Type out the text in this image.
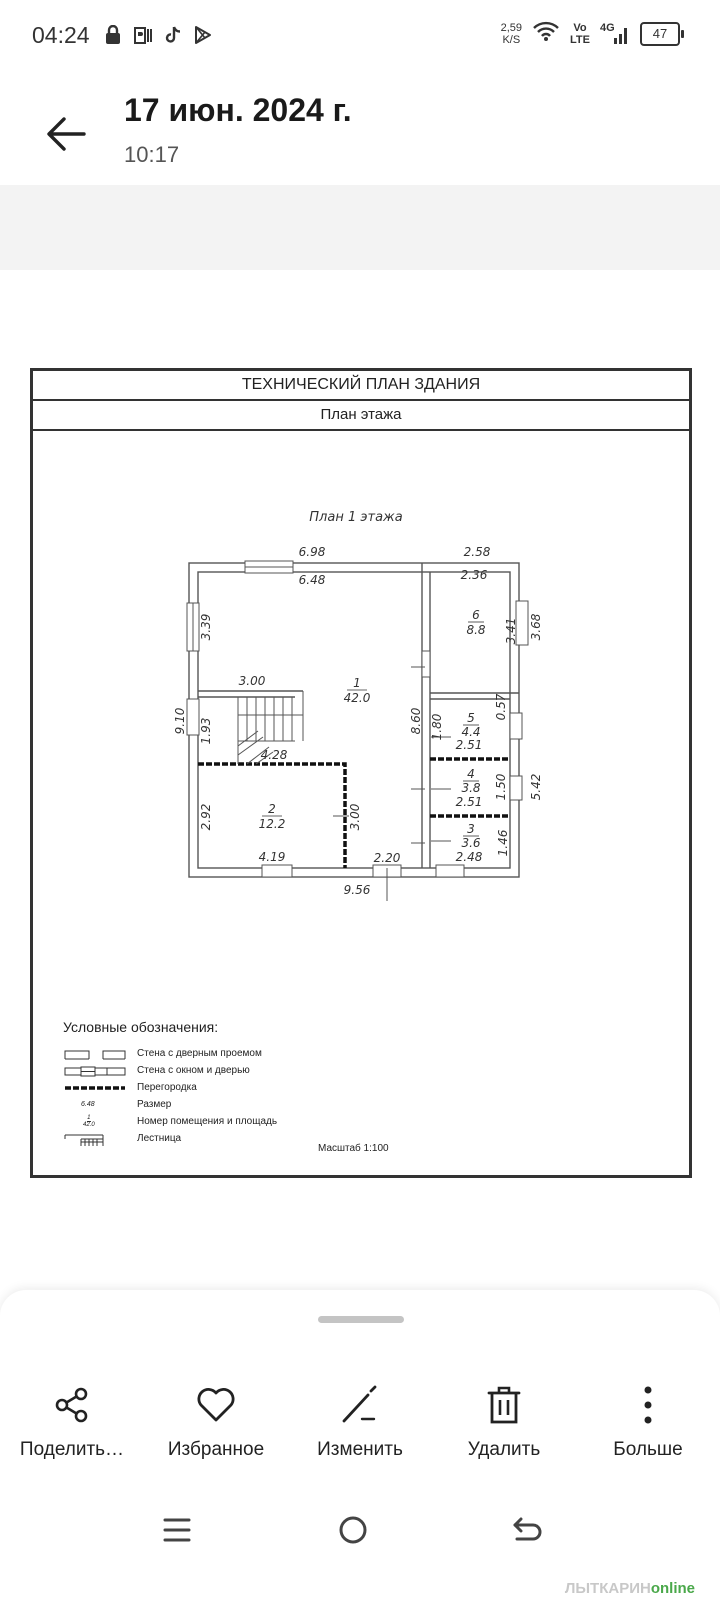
04:24	2,59
K/S
Vo
LTE
4G	47
17 июн. 2024 г.
10:17
ТЕХНИЧЕСКИЙ ПЛАН ЗДАНИЯ
План этажа
План 1 этажа
6.98
6.48
2.58
2.36
3.00
4.28
4.19	2.20
9.56
2.51
2.51
2.48
3.39
9.10 1.93
2.92	3.00
8.60 1.80
3.41 3.68
0.57
1.50 5.42
1.46
1
42.0
2
12.2	3
3.6
4
3.8
5
4.4
6
8.8
Условные обозначения:
Стена с дверным проемом
Стена с окном и дверью
Перегородка
6.48	Размер
1
42.0	Номер помещения и площадь
Лестница
Масштаб 1:100
Поделить… Избранное	Изменить	Удалить	Больше
ЛЫТКАРИНonline
